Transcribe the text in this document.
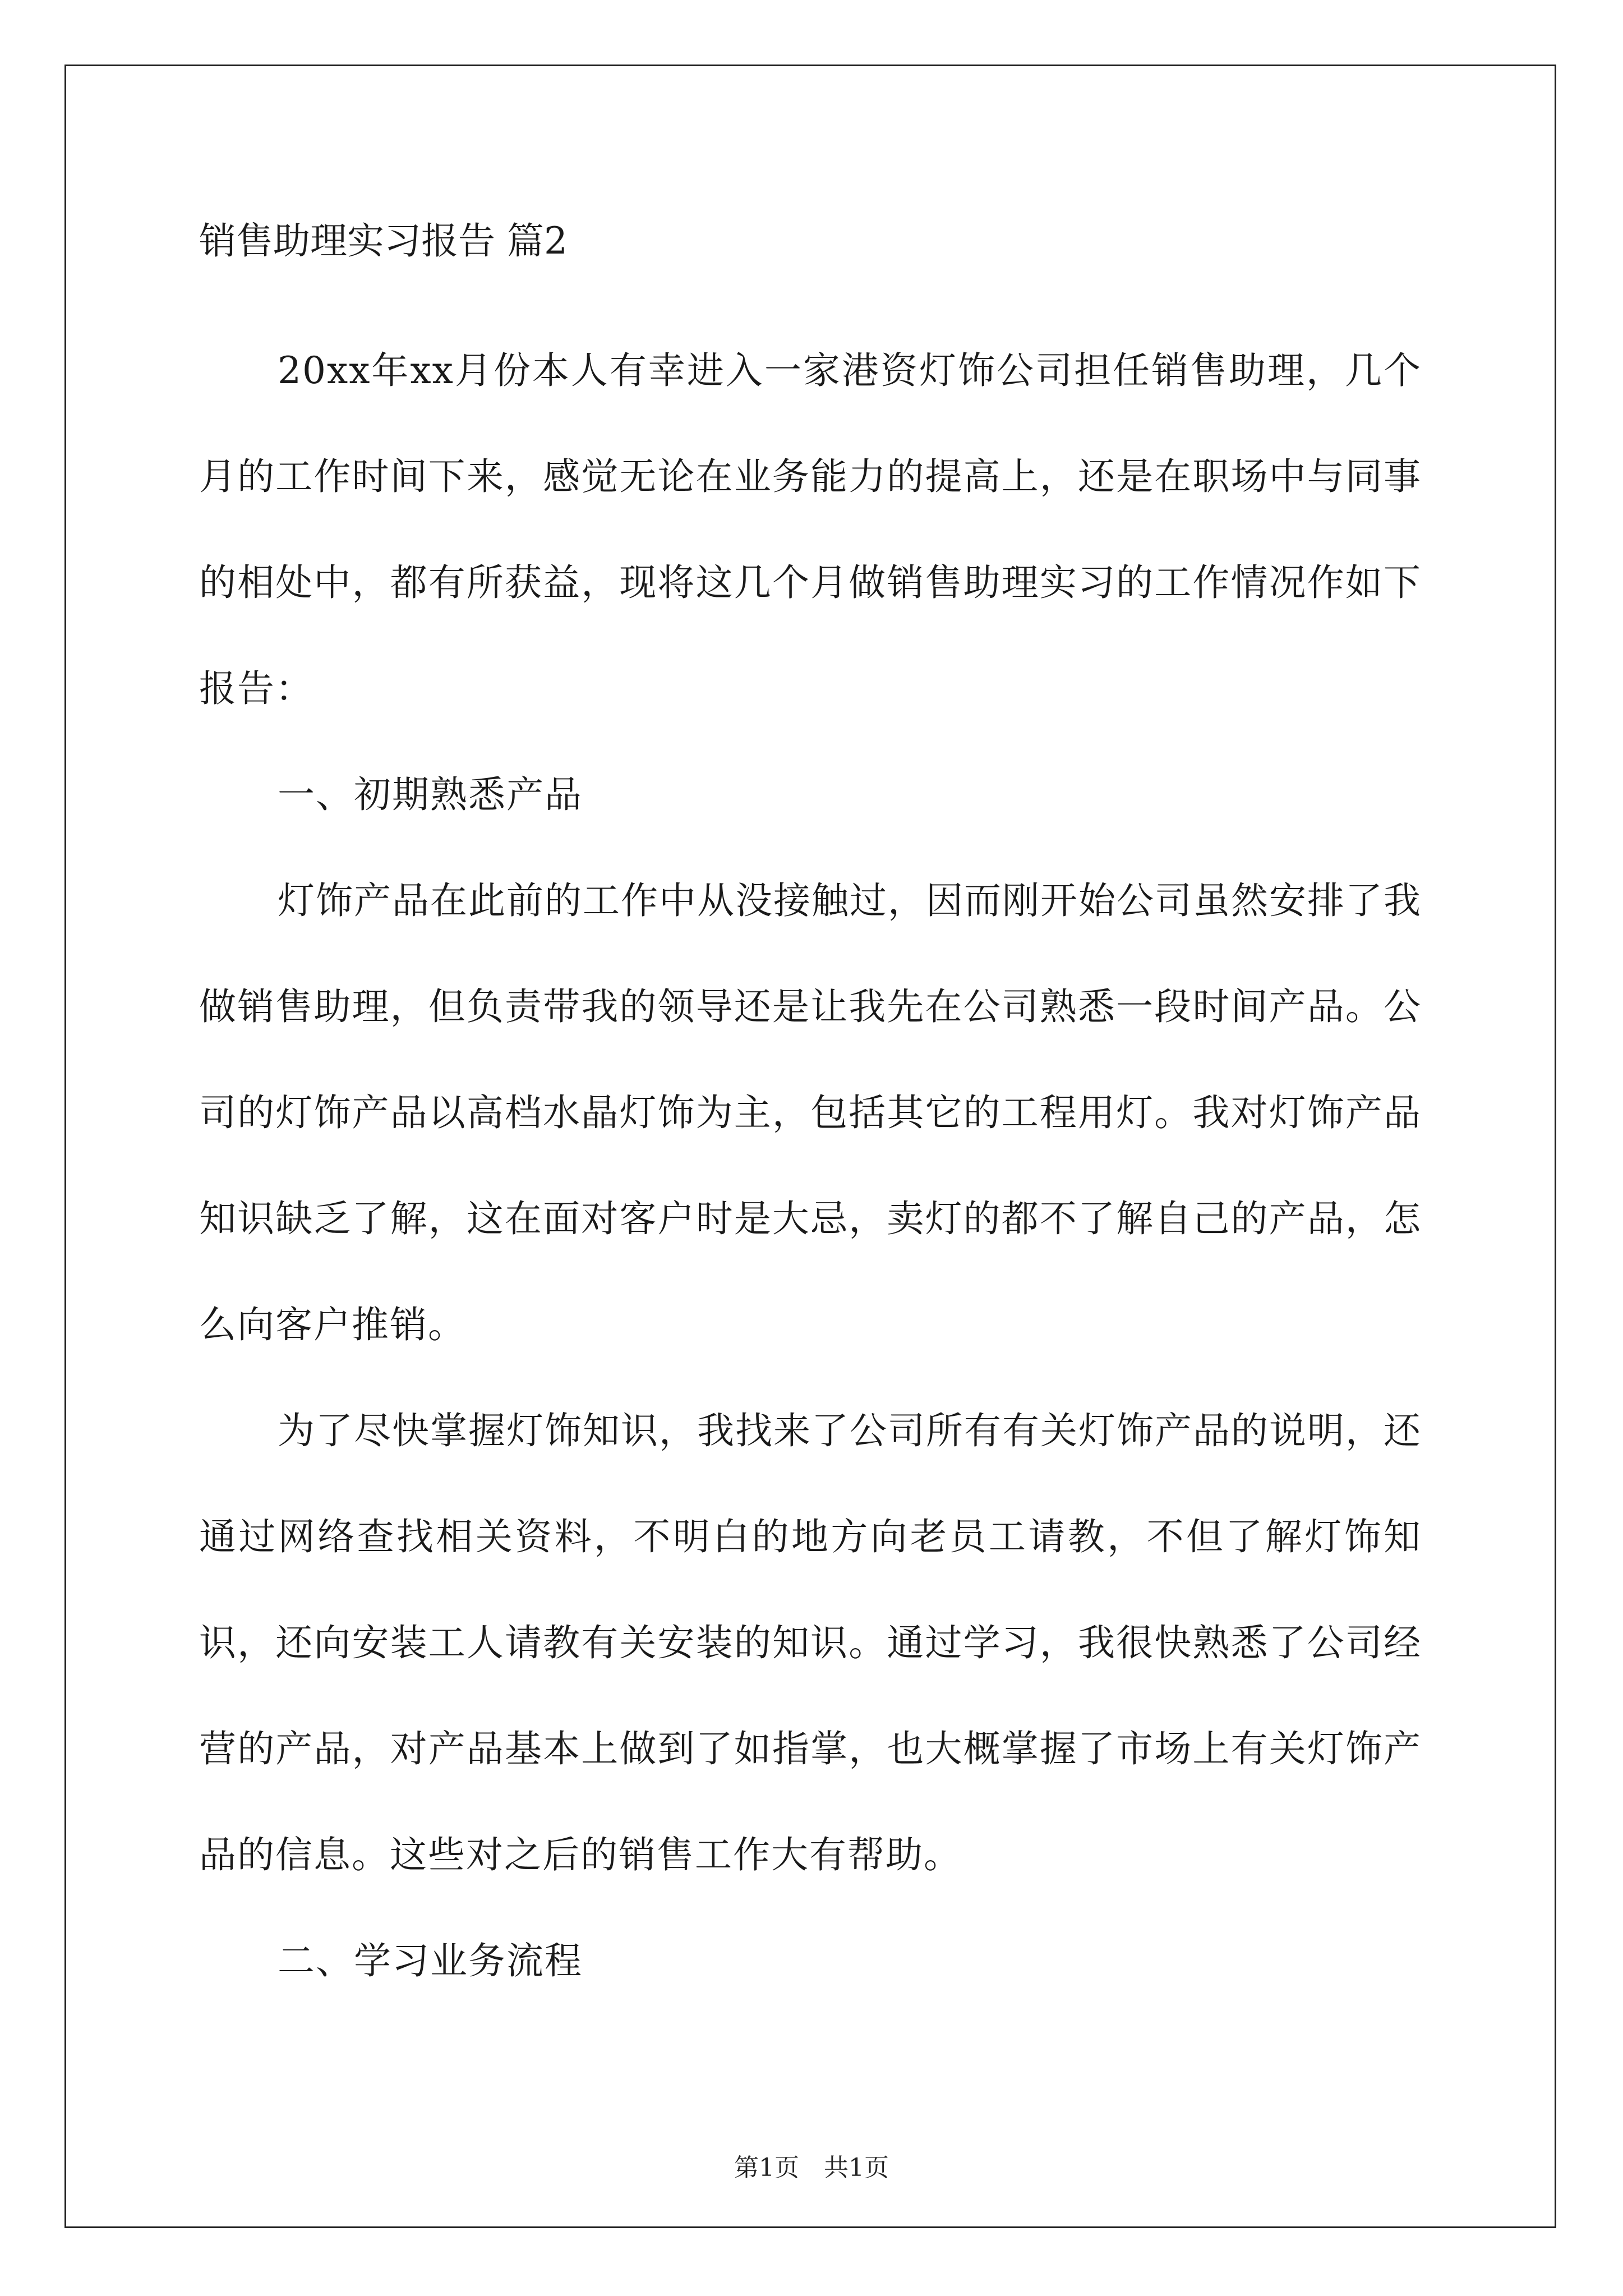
销售助理实习报告 篇2

20xx年xx月份本人有幸进入一家港资灯饰公司担任销售助理，几个月的工作时间下来，感觉无论在业务能力的提高上，还是在职场中与同事的相处中，都有所获益，现将这几个月做销售助理实习的工作情况作如下报告：

一、初期熟悉产品

灯饰产品在此前的工作中从没接触过，因而刚开始公司虽然安排了我做销售助理，但负责带我的领导还是让我先在公司熟悉一段时间产品。公司的灯饰产品以高档水晶灯饰为主，包括其它的工程用灯。我对灯饰产品知识缺乏了解，这在面对客户时是大忌，卖灯的都不了解自己的产品，怎么向客户推销。

为了尽快掌握灯饰知识，我找来了公司所有有关灯饰产品的说明，还通过网络查找相关资料，不明白的地方向老员工请教，不但了解灯饰知识，还向安装工人请教有关安装的知识。通过学习，我很快熟悉了公司经营的产品，对产品基本上做到了如指掌，也大概掌握了市场上有关灯饰产品的信息。这些对之后的销售工作大有帮助。

二、学习业务流程
第1页　共1页
